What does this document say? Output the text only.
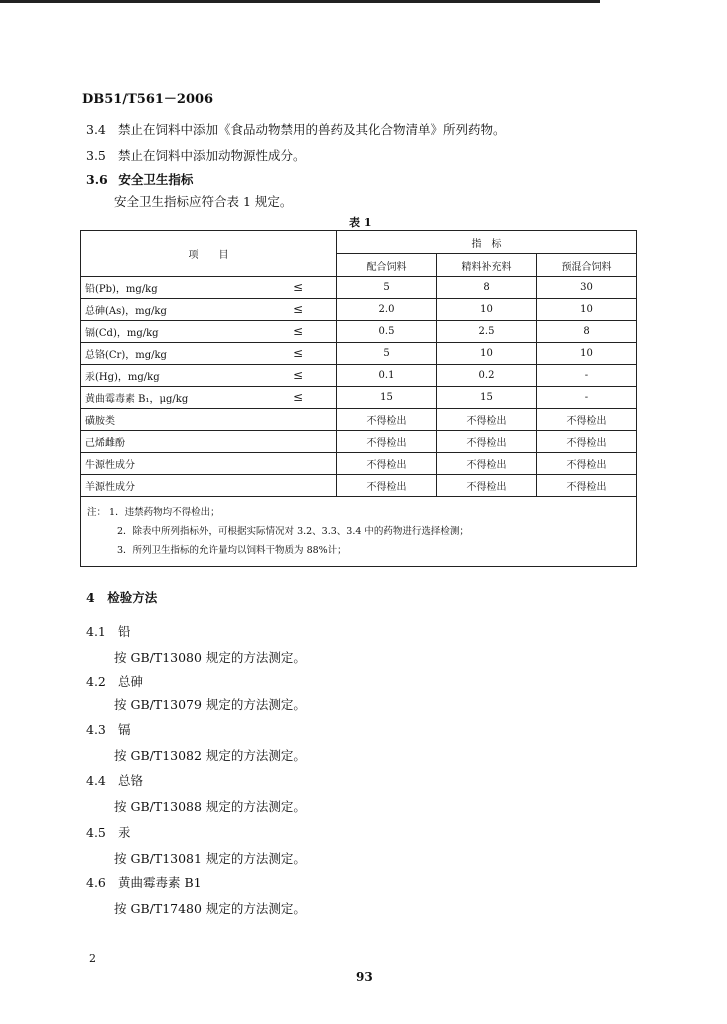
DB51/T561－2006
3.4 禁止在饲料中添加《食品动物禁用的兽药及其化合物清单》所列药物。
3.5 禁止在饲料中添加动物源性成分。
3.6 安全卫生指标
安全卫生指标应符合表 1 规定。
表 1
项　　目	指　标		
	配合饲料	精料补充料	预混合饲料
铅(Pb)，mg/kg ≤	5	8	30
总砷(As)，mg/kg ≤	2.0	10	10
镉(Cd)，mg/kg ≤	0.5	2.5	8
总铬(Cr)，mg/kg ≤	5	10	10
汞(Hg)，mg/kg ≤	0.1	0.2	-
黄曲霉毒素 B₁，μg/kg ≤	15	15	-
磺胺类	不得检出	不得检出	不得检出
己烯雌酚	不得检出	不得检出	不得检出
牛源性成分	不得检出	不得检出	不得检出
羊源性成分	不得检出	不得检出	不得检出

注： 1．违禁药物均不得检出；
2．除表中所列指标外，可根据实际情况对 3.2、3.3、3.4 中的药物进行选择检测；
3．所列卫生指标的允许量均以饲料干物质为 88%计；			
4　检验方法
4.1 铅
按 GB/T13080 规定的方法测定。
4.2 总砷
按 GB/T13079 规定的方法测定。
4.3 镉
按 GB/T13082 规定的方法测定。
4.4 总铬
按 GB/T13088 规定的方法测定。
4.5 汞
按 GB/T13081 规定的方法测定。
4.6 黄曲霉毒素 B1
按 GB/T17480 规定的方法测定。
2
93
